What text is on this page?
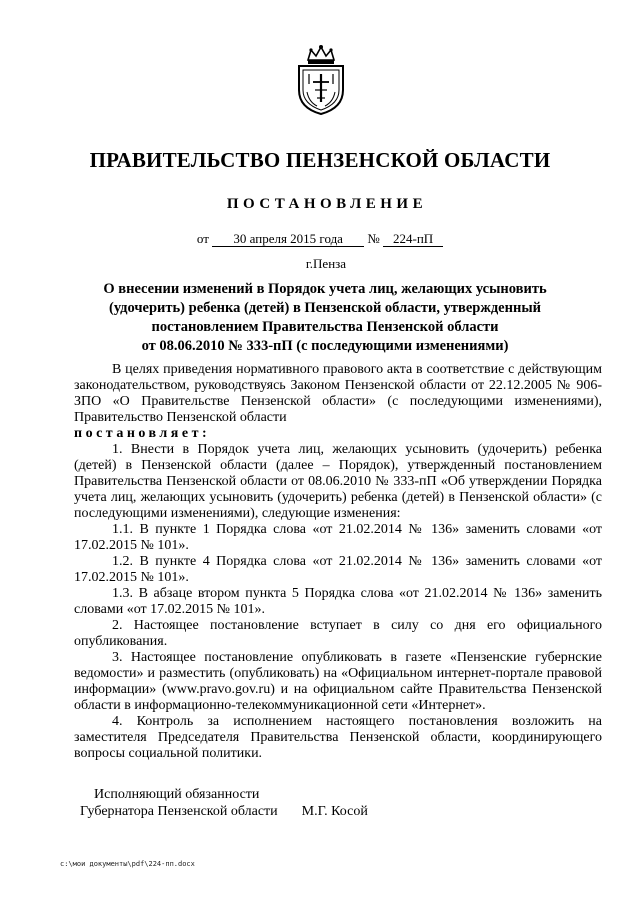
ПРАВИТЕЛЬСТВО ПЕНЗЕНСКОЙ ОБЛАСТИ
ПОСТАНОВЛЕНИЕ
от 30 апреля 2015 года № 224-пП
г.Пенза
О внесении изменений в Порядок учета лиц, желающих усыновить
(удочерить) ребенка (детей) в Пензенской области, утвержденный
постановлением Правительства Пензенской области
от 08.06.2010 № 333-пП (с последующими изменениями)

В целях приведения нормативного правового акта в соответствие с действующим законодательством, руководствуясь Законом Пензенской области от 22.12.2005 № 906-ЗПО «О Правительстве Пензенской области» (с последующими изменениями), Правительство Пензенской области
постановляет:

1. Внести в Порядок учета лиц, желающих усыновить (удочерить) ребенка (детей) в Пензенской области (далее – Порядок), утвержденный постановлением Правительства Пензенской области от 08.06.2010 № 333-пП «Об утверждении Порядка учета лиц, желающих усыновить (удочерить) ребенка (детей) в Пензенской области» (с последующими изменениями), следующие изменения:

1.1. В пункте 1 Порядка слова «от 21.02.2014 № 136» заменить словами «от 17.02.2015 № 101».

1.2. В пункте 4 Порядка слова «от 21.02.2014 № 136» заменить словами «от 17.02.2015 № 101».

1.3. В абзаце втором пункта 5 Порядка слова «от 21.02.2014 № 136» заменить словами «от 17.02.2015 № 101».

2. Настоящее постановление вступает в силу со дня его официального опубликования.

3. Настоящее постановление опубликовать в газете «Пензенские губернские ведомости» и разместить (опубликовать) на «Официальном интернет-портале правовой информации» (www.pravo.gov.ru) и на официальном сайте Правительства Пензенской области в информационно-телекоммуникационной сети «Интернет».

4. Контроль за исполнением настоящего постановления возложить на заместителя Председателя Правительства Пензенской области, координирующего вопросы социальной политики.

Исполняющий обязанности
Губернатора Пензенской области М.Г. Косой
c:\мои документы\pdf\224-пп.docx
